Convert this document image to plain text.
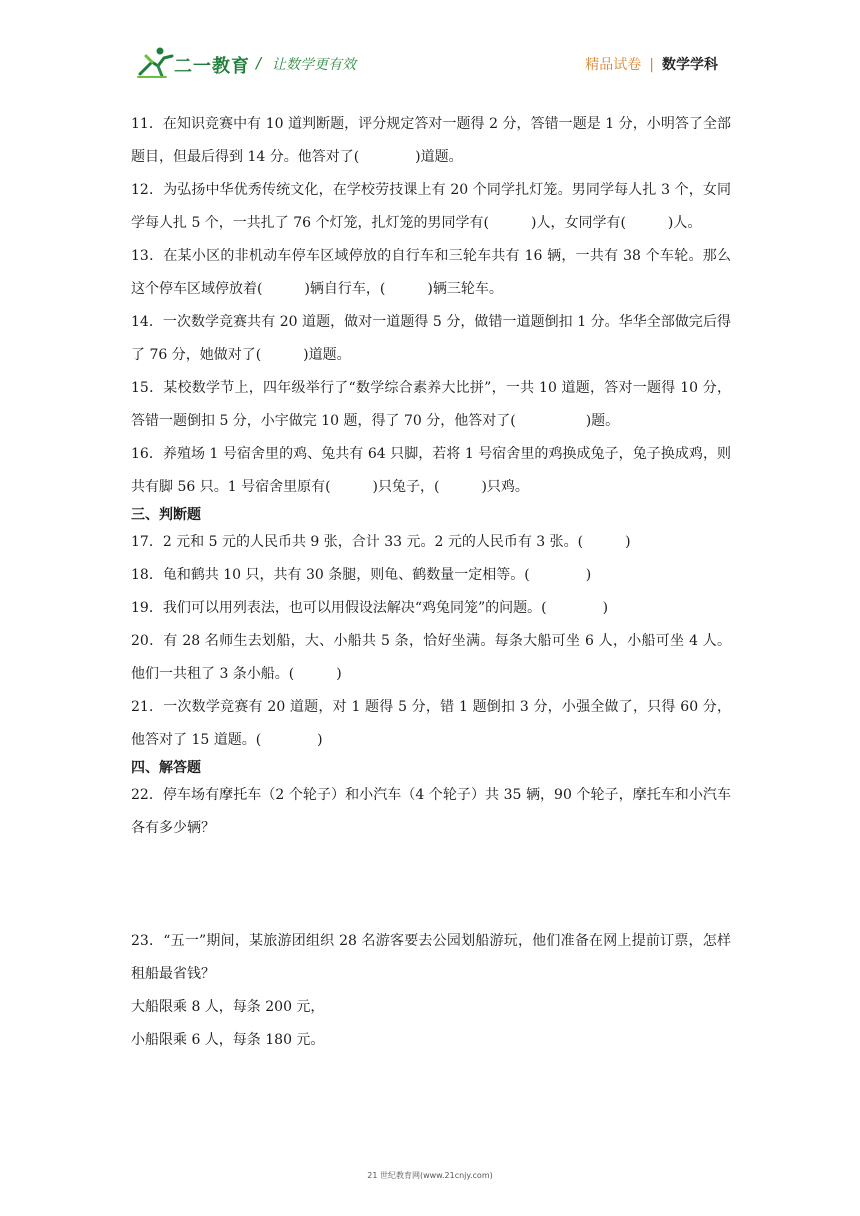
二一教育 / 让数学更有效	精品试卷 | 数学学科

11．在知识竞赛中有 10 道判断题，评分规定答对一题得 2 分，答错一题是 1 分，小明答了全部题目，但最后得到 14 分。他答对了(　　　　)道题。

12．为弘扬中华优秀传统文化，在学校劳技课上有 20 个同学扎灯笼。男同学每人扎 3 个，女同学每人扎 5 个，一共扎了 76 个灯笼，扎灯笼的男同学有(　　　)人，女同学有(　　　)人。

13．在某小区的非机动车停车区域停放的自行车和三轮车共有 16 辆，一共有 38 个车轮。那么这个停车区域停放着(　　　)辆自行车，(　　　)辆三轮车。

14．一次数学竞赛共有 20 道题，做对一道题得 5 分，做错一道题倒扣 1 分。华华全部做完后得了 76 分，她做对了(　　　)道题。

15．某校数学节上，四年级举行了“数学综合素养大比拼”，一共 10 道题，答对一题得 10 分，答错一题倒扣 5 分，小宇做完 10 题，得了 70 分，他答对了(　　　　　)题。

16．养殖场 1 号宿舍里的鸡、兔共有 64 只脚，若将 1 号宿舍里的鸡换成兔子，兔子换成鸡，则共有脚 56 只。1 号宿舍里原有(　　　)只兔子，(　　　)只鸡。

三、判断题

17．2 元和 5 元的人民币共 9 张，合计 33 元。2 元的人民币有 3 张。(　　　)

18．龟和鹤共 10 只，共有 30 条腿，则龟、鹤数量一定相等。(　　　　)

19．我们可以用列表法，也可以用假设法解决“鸡兔同笼”的问题。(　　　　)

20．有 28 名师生去划船，大、小船共 5 条，恰好坐满。每条大船可坐 6 人，小船可坐 4 人。他们一共租了 3 条小船。(　　　)

21．一次数学竞赛有 20 道题，对 1 题得 5 分，错 1 题倒扣 3 分，小强全做了，只得 60 分，他答对了 15 道题。(　　　　)

四、解答题

22．停车场有摩托车（2 个轮子）和小汽车（4 个轮子）共 35 辆，90 个轮子，摩托车和小汽车各有多少辆？

23．“五一”期间，某旅游团组织 28 名游客要去公园划船游玩，他们准备在网上提前订票，怎样租船最省钱？

大船限乘 8 人，每条 200 元，

小船限乘 6 人，每条 180 元。

21 世纪教育网(www.21cnjy.com)
